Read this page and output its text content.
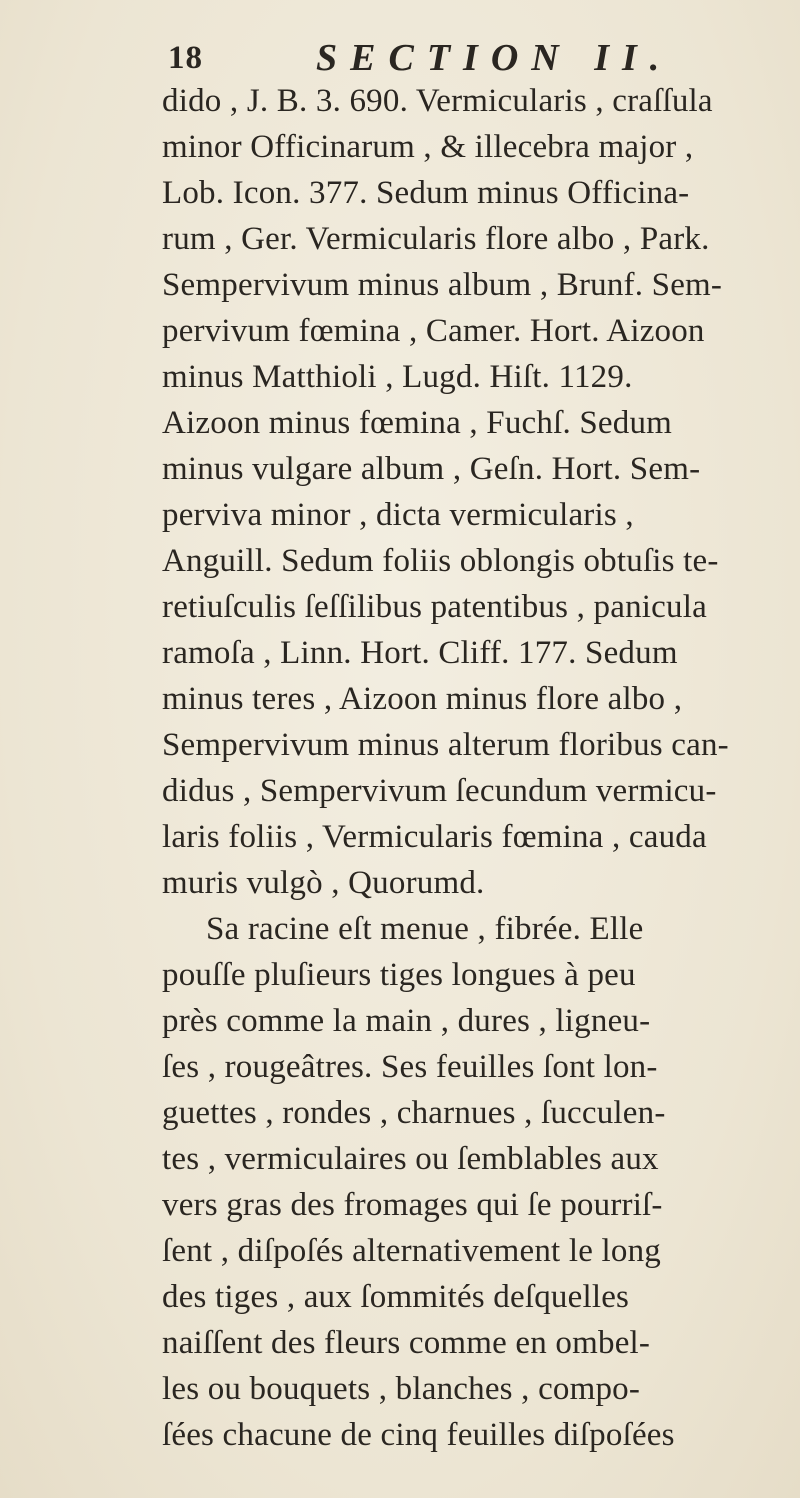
18	SECTION II.
dido , J. B. 3. 690. Vermicularis , craſſula
minor Officinarum , & illecebra major ,
Lob. Icon. 377. Sedum minus Officina-
rum , Ger. Vermicularis flore albo , Park.
Sempervivum minus album , Brunf. Sem-
pervivum fœmina , Camer. Hort. Aizoon
minus Matthioli , Lugd. Hiſt. 1129.
Aizoon minus fœmina , Fuchſ. Sedum
minus vulgare album , Geſn. Hort. Sem-
perviva minor , dicta vermicularis ,
Anguill. Sedum foliis oblongis obtuſis te-
retiuſculis ſeſſilibus patentibus , panicula
ramoſa , Linn. Hort. Cliff. 177. Sedum
minus teres , Aizoon minus flore albo ,
Sempervivum minus alterum floribus can-
didus , Sempervivum ſecundum vermicu-
laris foliis , Vermicularis fœmina , cauda
muris vulgò , Quorumd.
Sa racine eſt menue , fibrée. Elle
pouſſe pluſieurs tiges longues à peu
près comme la main , dures , ligneu-
ſes , rougeâtres. Ses feuilles ſont lon-
guettes , rondes , charnues , ſucculen-
tes , vermiculaires ou ſemblables aux
vers gras des fromages qui ſe pourriſ-
ſent , diſpoſés alternativement le long
des tiges , aux ſommités deſquelles
naiſſent des fleurs comme en ombel-
les ou bouquets , blanches , compo-
ſées chacune de cinq feuilles diſpoſées
